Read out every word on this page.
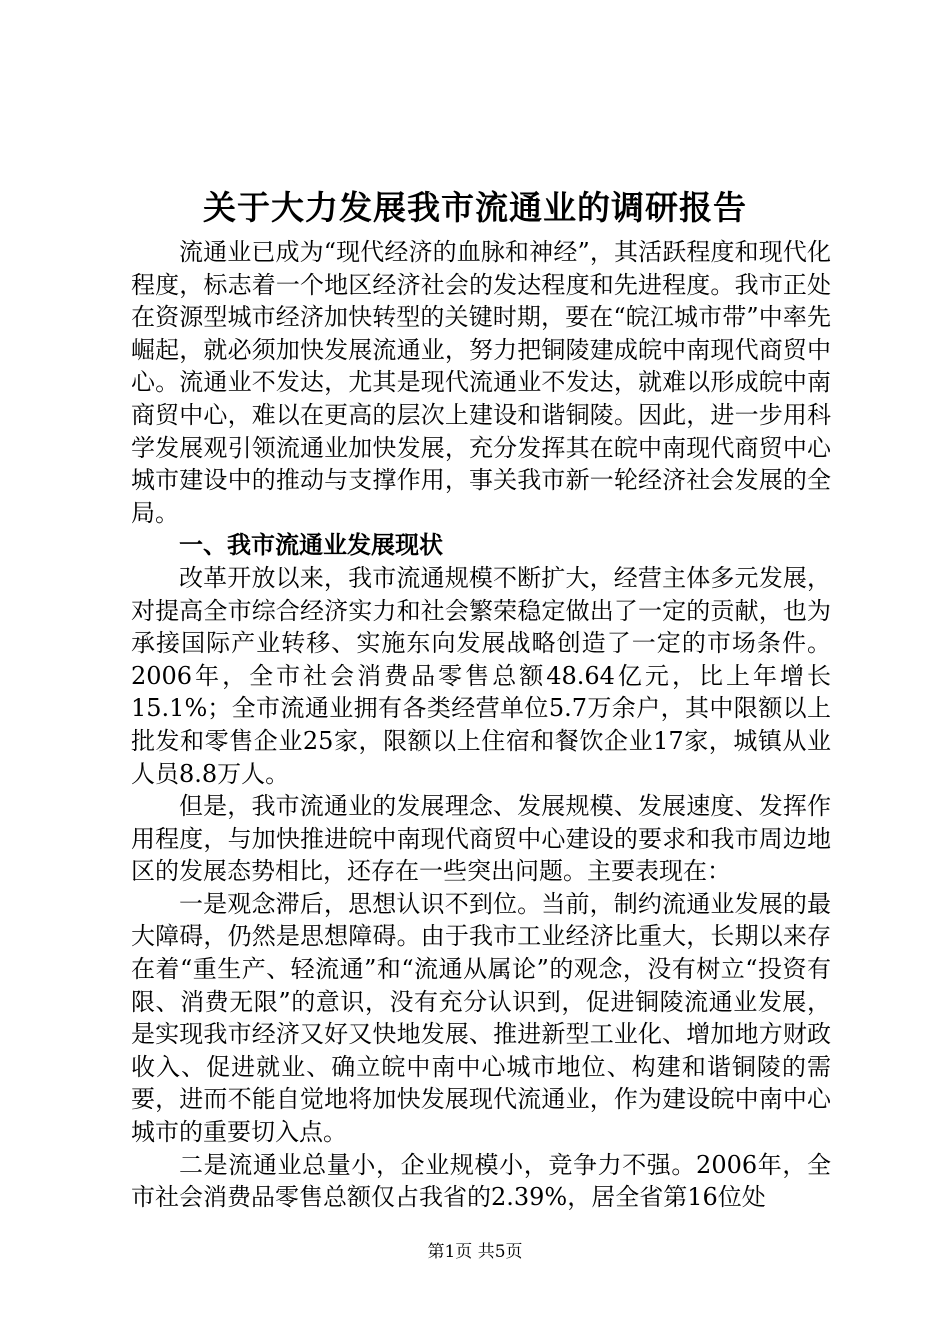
关于大力发展我市流通业的调研报告

流通业已成为“现代经济的血脉和神经”，其活跃程度和现代化程度，标志着一个地区经济社会的发达程度和先进程度。我市正处在资源型城市经济加快转型的关键时期，要在“皖江城市带”中率先崛起，就必须加快发展流通业，努力把铜陵建成皖中南现代商贸中心。流通业不发达，尤其是现代流通业不发达，就难以形成皖中南商贸中心，难以在更高的层次上建设和谐铜陵。因此，进一步用科学发展观引领流通业加快发展，充分发挥其在皖中南现代商贸中心城市建设中的推动与支撑作用，事关我市新一轮经济社会发展的全局。

一、我市流通业发展现状

改革开放以来，我市流通规模不断扩大，经营主体多元发展，对提高全市综合经济实力和社会繁荣稳定做出了一定的贡献，也为承接国际产业转移、实施东向发展战略创造了一定的市场条件。2006年，全市社会消费品零售总额48.64亿元，比上年增长15.1%；全市流通业拥有各类经营单位5.7万余户，其中限额以上批发和零售企业25家，限额以上住宿和餐饮企业17家，城镇从业人员8.8万人。

但是，我市流通业的发展理念、发展规模、发展速度、发挥作用程度，与加快推进皖中南现代商贸中心建设的要求和我市周边地区的发展态势相比，还存在一些突出问题。主要表现在：

一是观念滞后，思想认识不到位。当前，制约流通业发展的最大障碍，仍然是思想障碍。由于我市工业经济比重大，长期以来存在着“重生产、轻流通”和“流通从属论”的观念，没有树立“投资有限、消费无限”的意识，没有充分认识到，促进铜陵流通业发展，是实现我市经济又好又快地发展、推进新型工业化、增加地方财政收入、促进就业、确立皖中南中心城市地位、构建和谐铜陵的需要，进而不能自觉地将加快发展现代流通业，作为建设皖中南中心城市的重要切入点。

二是流通业总量小，企业规模小，竞争力不强。2006年，全市社会消费品零售总额仅占我省的2.39%，居全省第16位处

第1页 共5页
